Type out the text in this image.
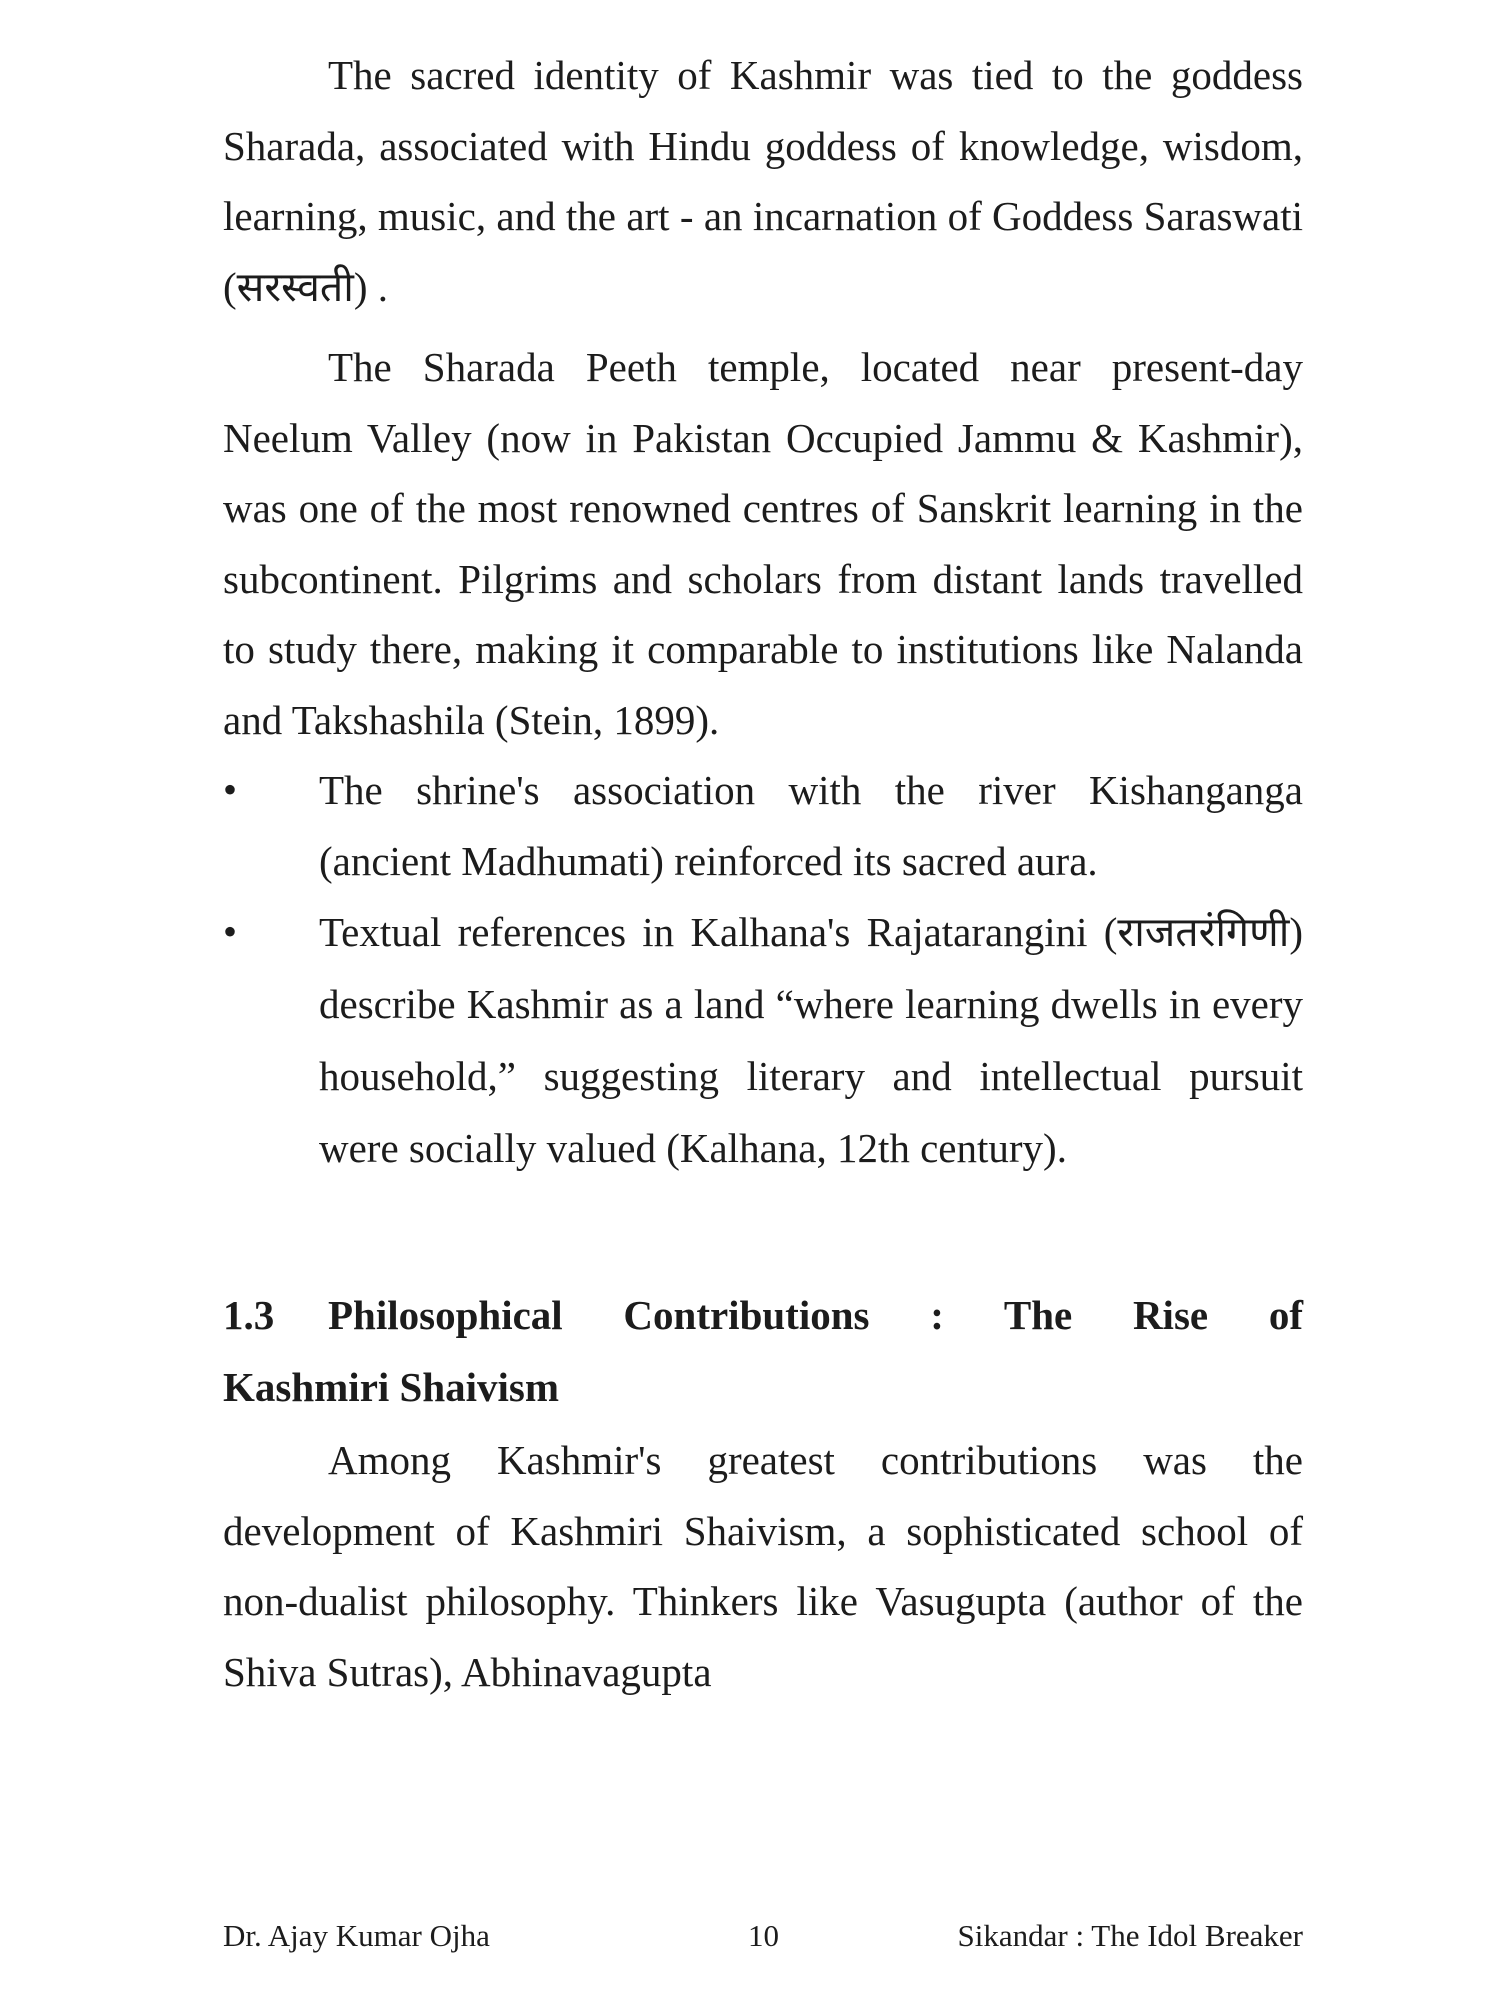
The sacred identity of Kashmir was tied to the goddess Sharada, associated with Hindu goddess of knowledge, wisdom, learning, music, and the art - an incarnation of Goddess Saraswati (सरस्वती) .

The Sharada Peeth temple, located near present-day Neelum Valley (now in Pakistan Occupied Jammu & Kashmir), was one of the most renowned centres of Sanskrit learning in the subcontinent. Pilgrims and scholars from distant lands travelled to study there, making it comparable to institutions like Nalanda and Takshashila (Stein, 1899).

•	The shrine's association with the river Kishanganga (ancient Madhumati) reinforced its sacred aura.
•	Textual references in Kalhana's Rajatarangini (राजतरंगिणी) describe Kashmir as a land “where learning dwells in every household,” suggesting literary and intellectual pursuit were socially valued (Kalhana, 12th century).
1.3 Philosophical Contributions : The Rise of
Kashmiri Shaivism

Among Kashmir's greatest contributions was the development of Kashmiri Shaivism, a sophisticated school of non-dualist philosophy. Thinkers like Vasugupta (author of the Shiva Sutras), Abhinavagupta

Dr. Ajay Kumar Ojha	10	Sikandar : The Idol Breaker
